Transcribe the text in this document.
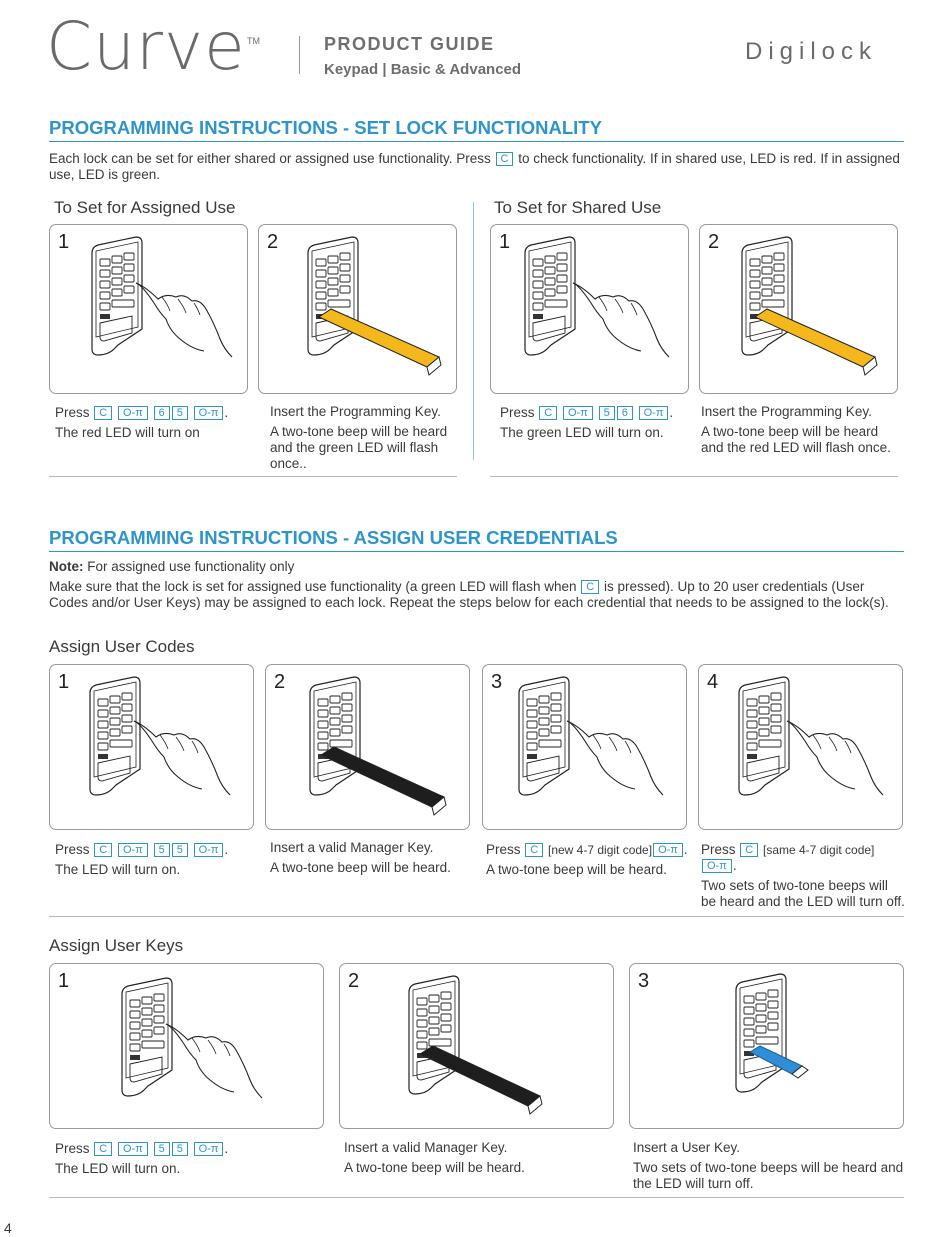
Curve TM	PRODUCT GUIDE
Keypad | Basic & Advanced
Digilock
PROGRAMMING INSTRUCTIONS - SET LOCK FUNCTIONALITY
Each lock can be set for either shared or assigned use functionality. Press C to check functionality. If in shared use, LED is red. If in assigned use, LED is green.
To Set for Assigned Use	To Set for Shared Use
1	2	1	2

Press C O-π 6 5 O-π .

The red LED will turn on

Insert the Programming Key.

A two-tone beep will be heard and the green LED will flash once..

Press C O-π 5 6 O-π .

The green LED will turn on.

Insert the Programming Key.

A two-tone beep will be heard and the red LED will flash once.

PROGRAMMING INSTRUCTIONS - ASSIGN USER CREDENTIALS
Note: For assigned use functionality only
Make sure that the lock is set for assigned use functionality (a green LED will flash when C is pressed). Up to 20 user credentials (User Codes and/or User Keys) may be assigned to each lock. Repeat the steps below for each credential that needs to be assigned to the lock(s).
Assign User Codes
1	2	3	4

Press C O-π 5 5 O-π .

The LED will turn on.

Insert a valid Manager Key.

A two-tone beep will be heard.

Press C [new 4-7 digit code] O-π .

A two-tone beep will be heard.

Press C [same 4-7 digit code]O-π .

Two sets of two-tone beeps will be heard and the LED will turn off.

Assign User Keys
1	2	3

Press C O-π 5 5 O-π .

The LED will turn on.

Insert a valid Manager Key.

A two-tone beep will be heard.

Insert a User Key.

Two sets of two-tone beeps will be heard and the LED will turn off.

4
